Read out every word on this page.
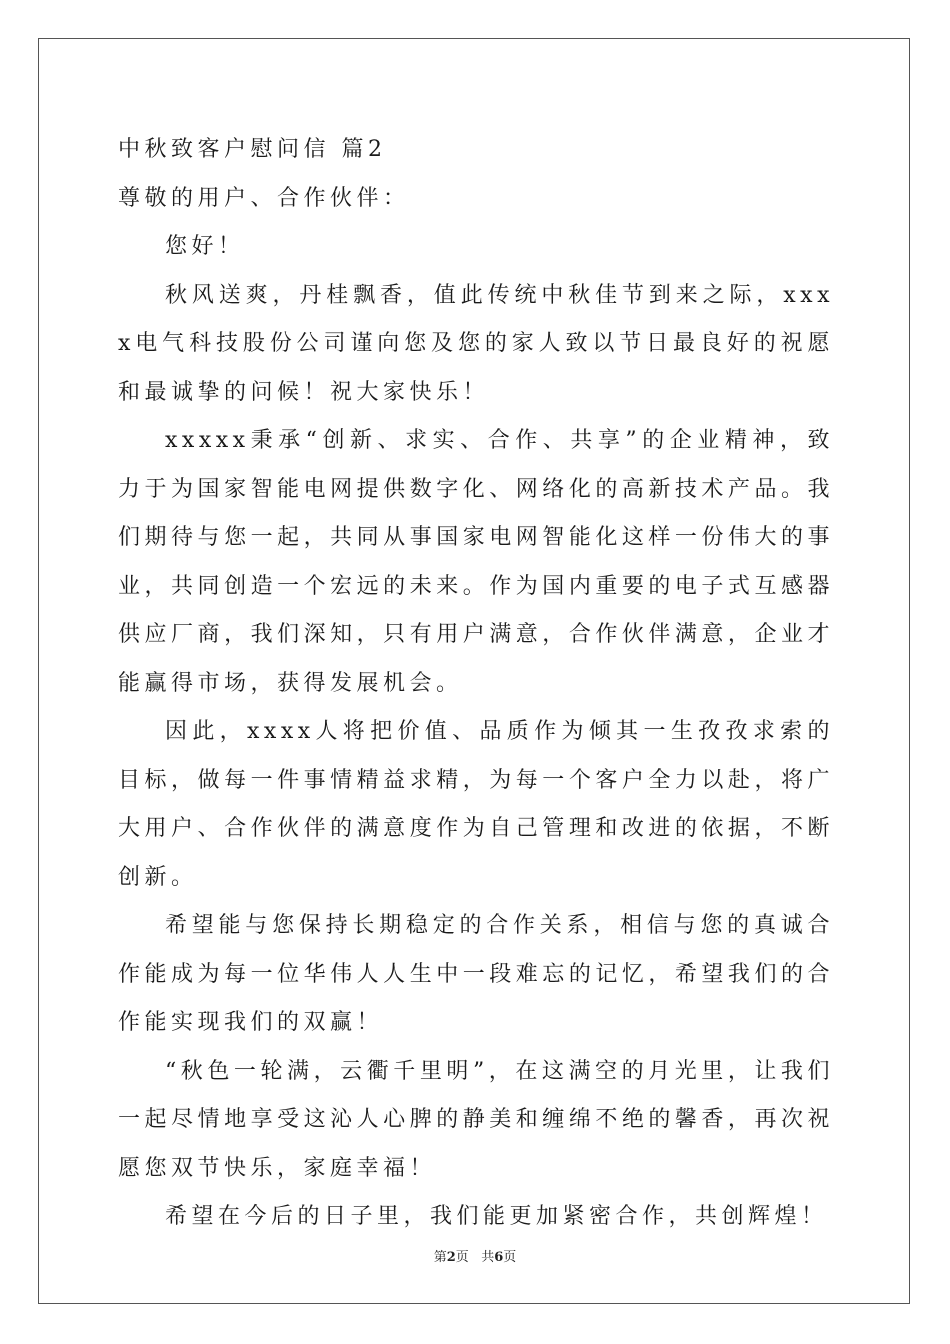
中秋致客户慰问信 篇2
尊敬的用户、合作伙伴：

您好！

秋风送爽，丹桂飘香，值此传统中秋佳节到来之际，xxxx电气科技股份公司谨向您及您的家人致以节日最良好的祝愿和最诚挚的问候！祝大家快乐！

xxxxx秉承“创新、求实、合作、共享”的企业精神，致力于为国家智能电网提供数字化、网络化的高新技术产品。我们期待与您一起，共同从事国家电网智能化这样一份伟大的事业，共同创造一个宏远的未来。作为国内重要的电子式互感器供应厂商，我们深知，只有用户满意，合作伙伴满意，企业才能赢得市场，获得发展机会。

因此，xxxx人将把价值、品质作为倾其一生孜孜求索的目标，做每一件事情精益求精，为每一个客户全力以赴，将广大用户、合作伙伴的满意度作为自己管理和改进的依据，不断创新。

希望能与您保持长期稳定的合作关系，相信与您的真诚合作能成为每一位华伟人人生中一段难忘的记忆，希望我们的合作能实现我们的双赢！

“秋色一轮满，云衢千里明”，在这满空的月光里，让我们一起尽情地享受这沁人心脾的静美和缠绵不绝的馨香，再次祝愿您双节快乐，家庭幸福！

希望在今后的日子里，我们能更加紧密合作，共创辉煌！

第2页 共6页
